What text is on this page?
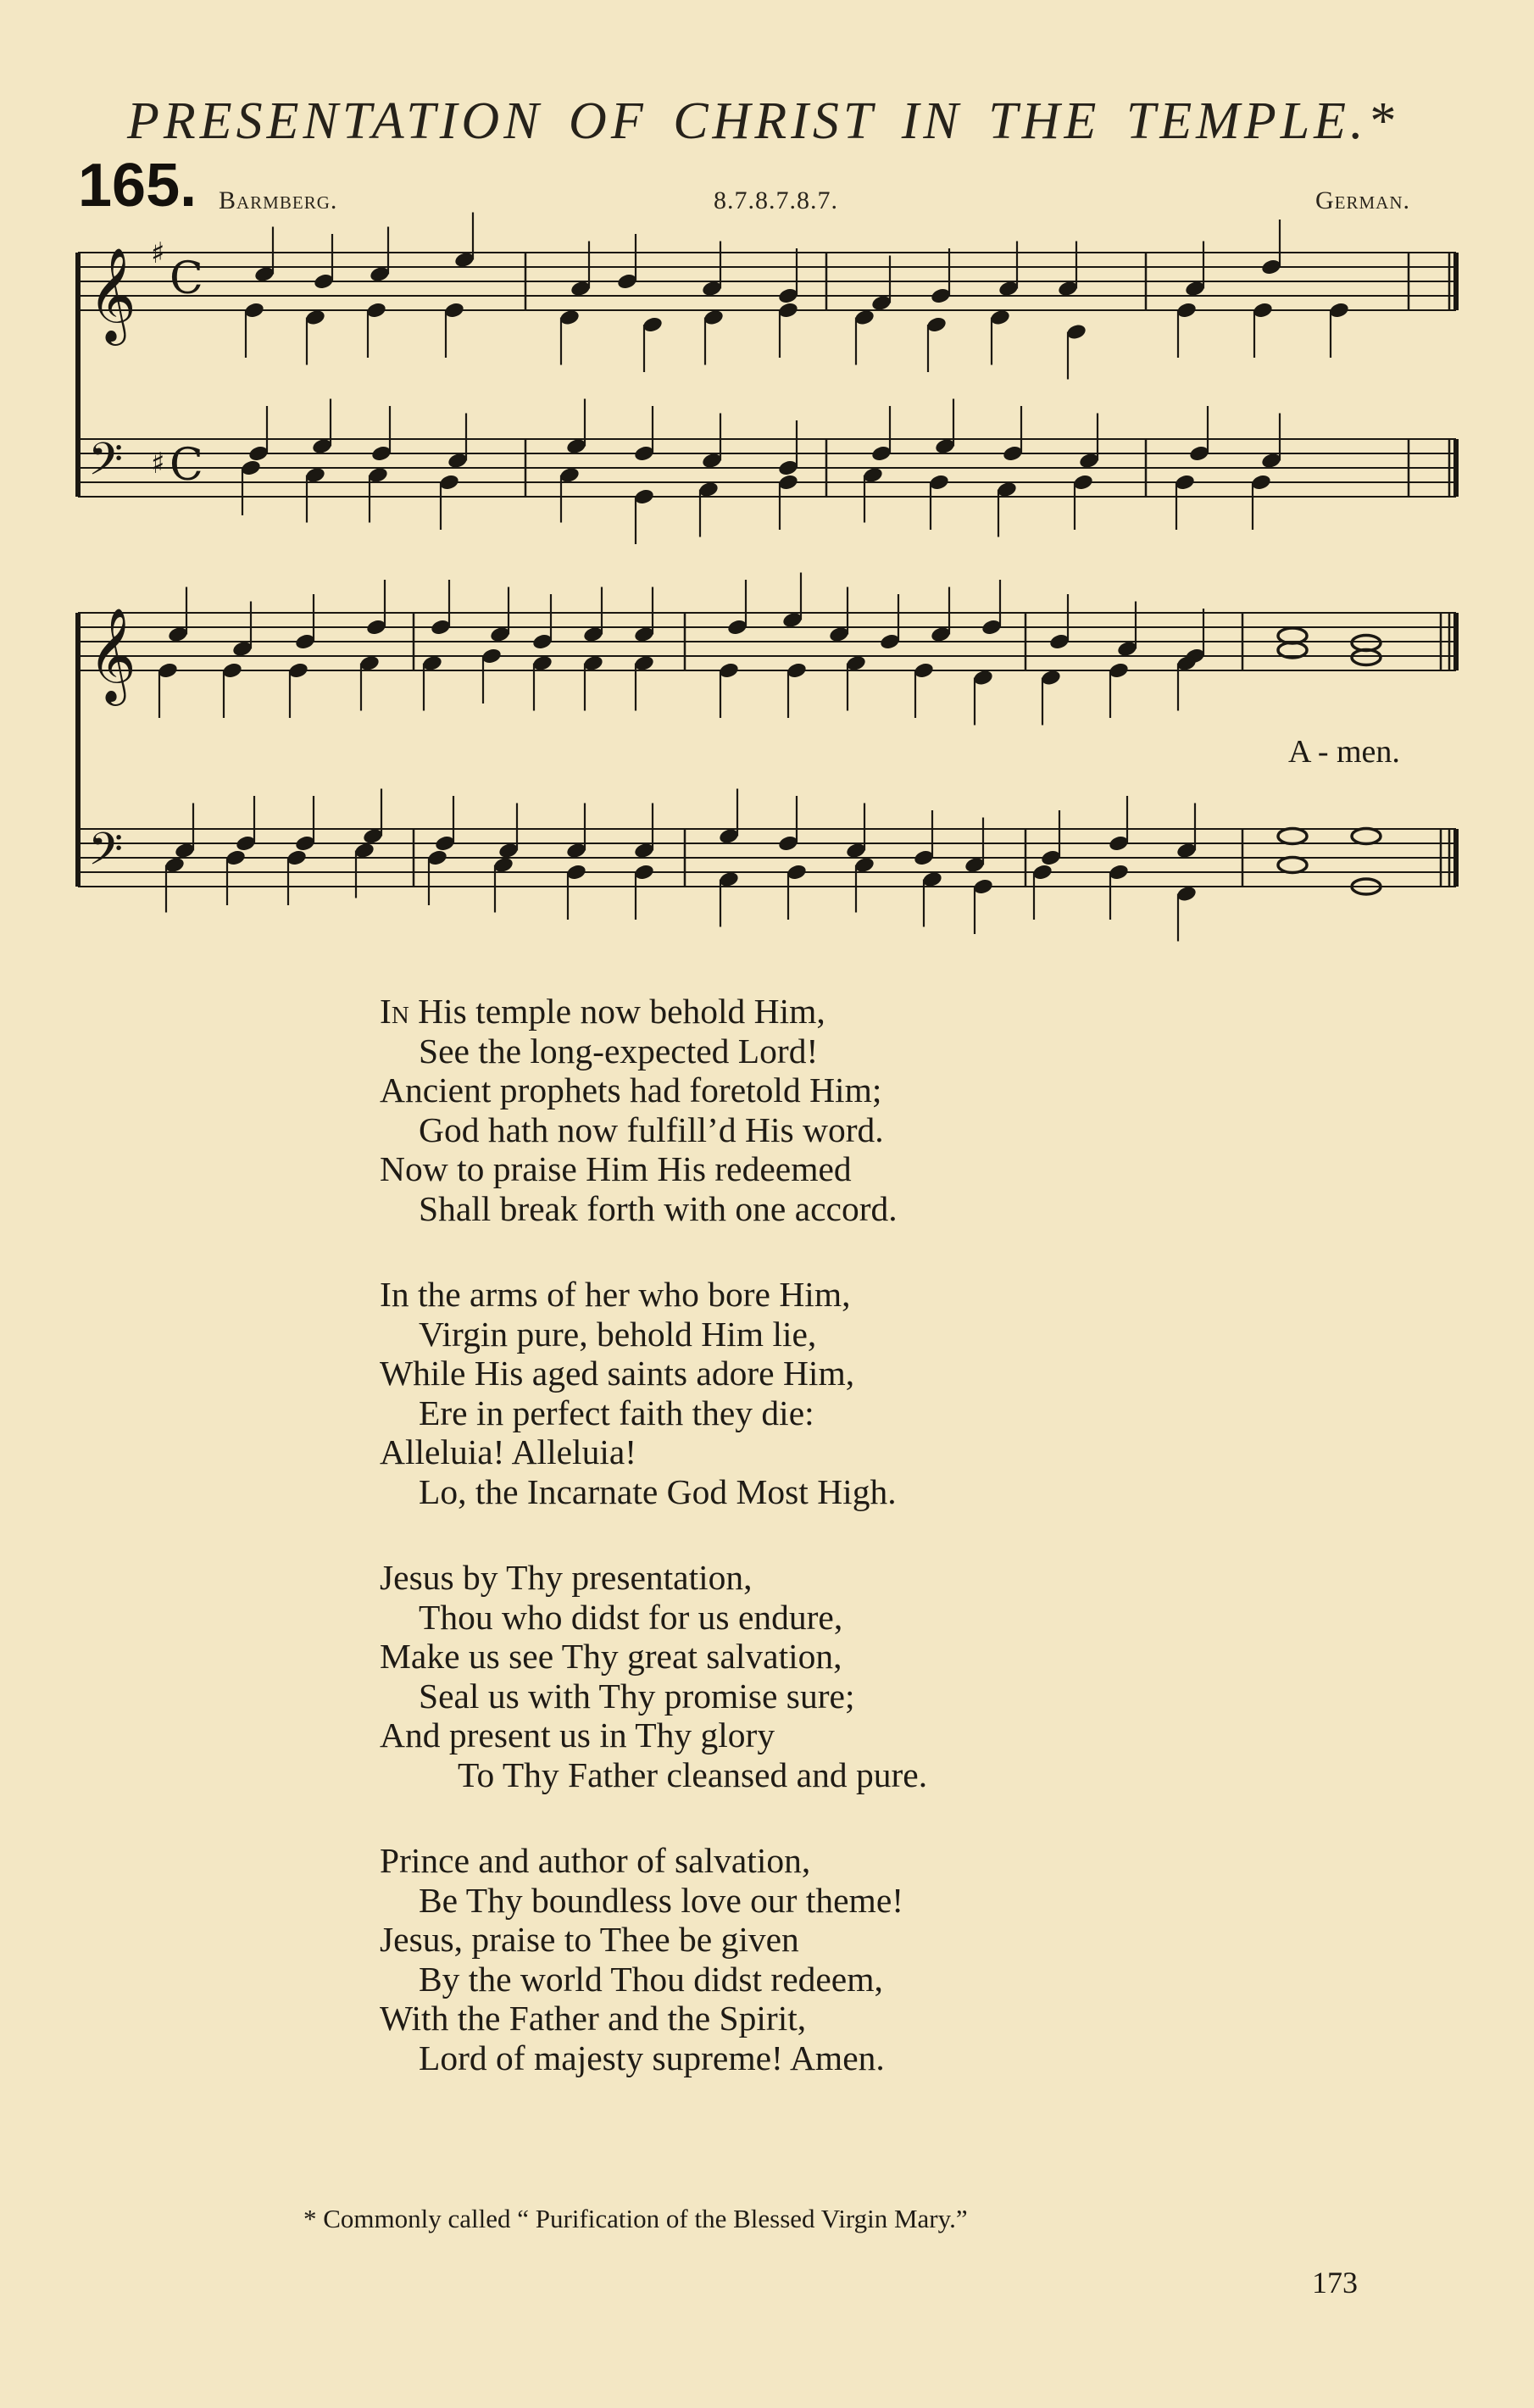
PRESENTATION OF CHRIST IN THE TEMPLE.*
165. Barmberg.	8.7.8.7.8.7.	German.
𝄞 ♯ C
𝄢 ♯ C
𝄞
𝄢
A - men.
In His temple now behold Him,
See the long-expected Lord!
Ancient prophets had foretold Him;
God hath now fulfill’d His word.
Now to praise Him His redeemed
Shall break forth with one accord.
In the arms of her who bore Him,
Virgin pure, behold Him lie,
While His aged saints adore Him,
Ere in perfect faith they die:
Alleluia! Alleluia!
Lo, the Incarnate God Most High.
Jesus by Thy presentation,
Thou who didst for us endure,
Make us see Thy great salvation,
Seal us with Thy promise sure;
And present us in Thy glory
To Thy Father cleansed and pure.
Prince and author of salvation,
Be Thy boundless love our theme!
Jesus, praise to Thee be given
By the world Thou didst redeem,
With the Father and the Spirit,
Lord of majesty supreme! Amen.
* Commonly called “ Purification of the Blessed Virgin Mary.”
173
